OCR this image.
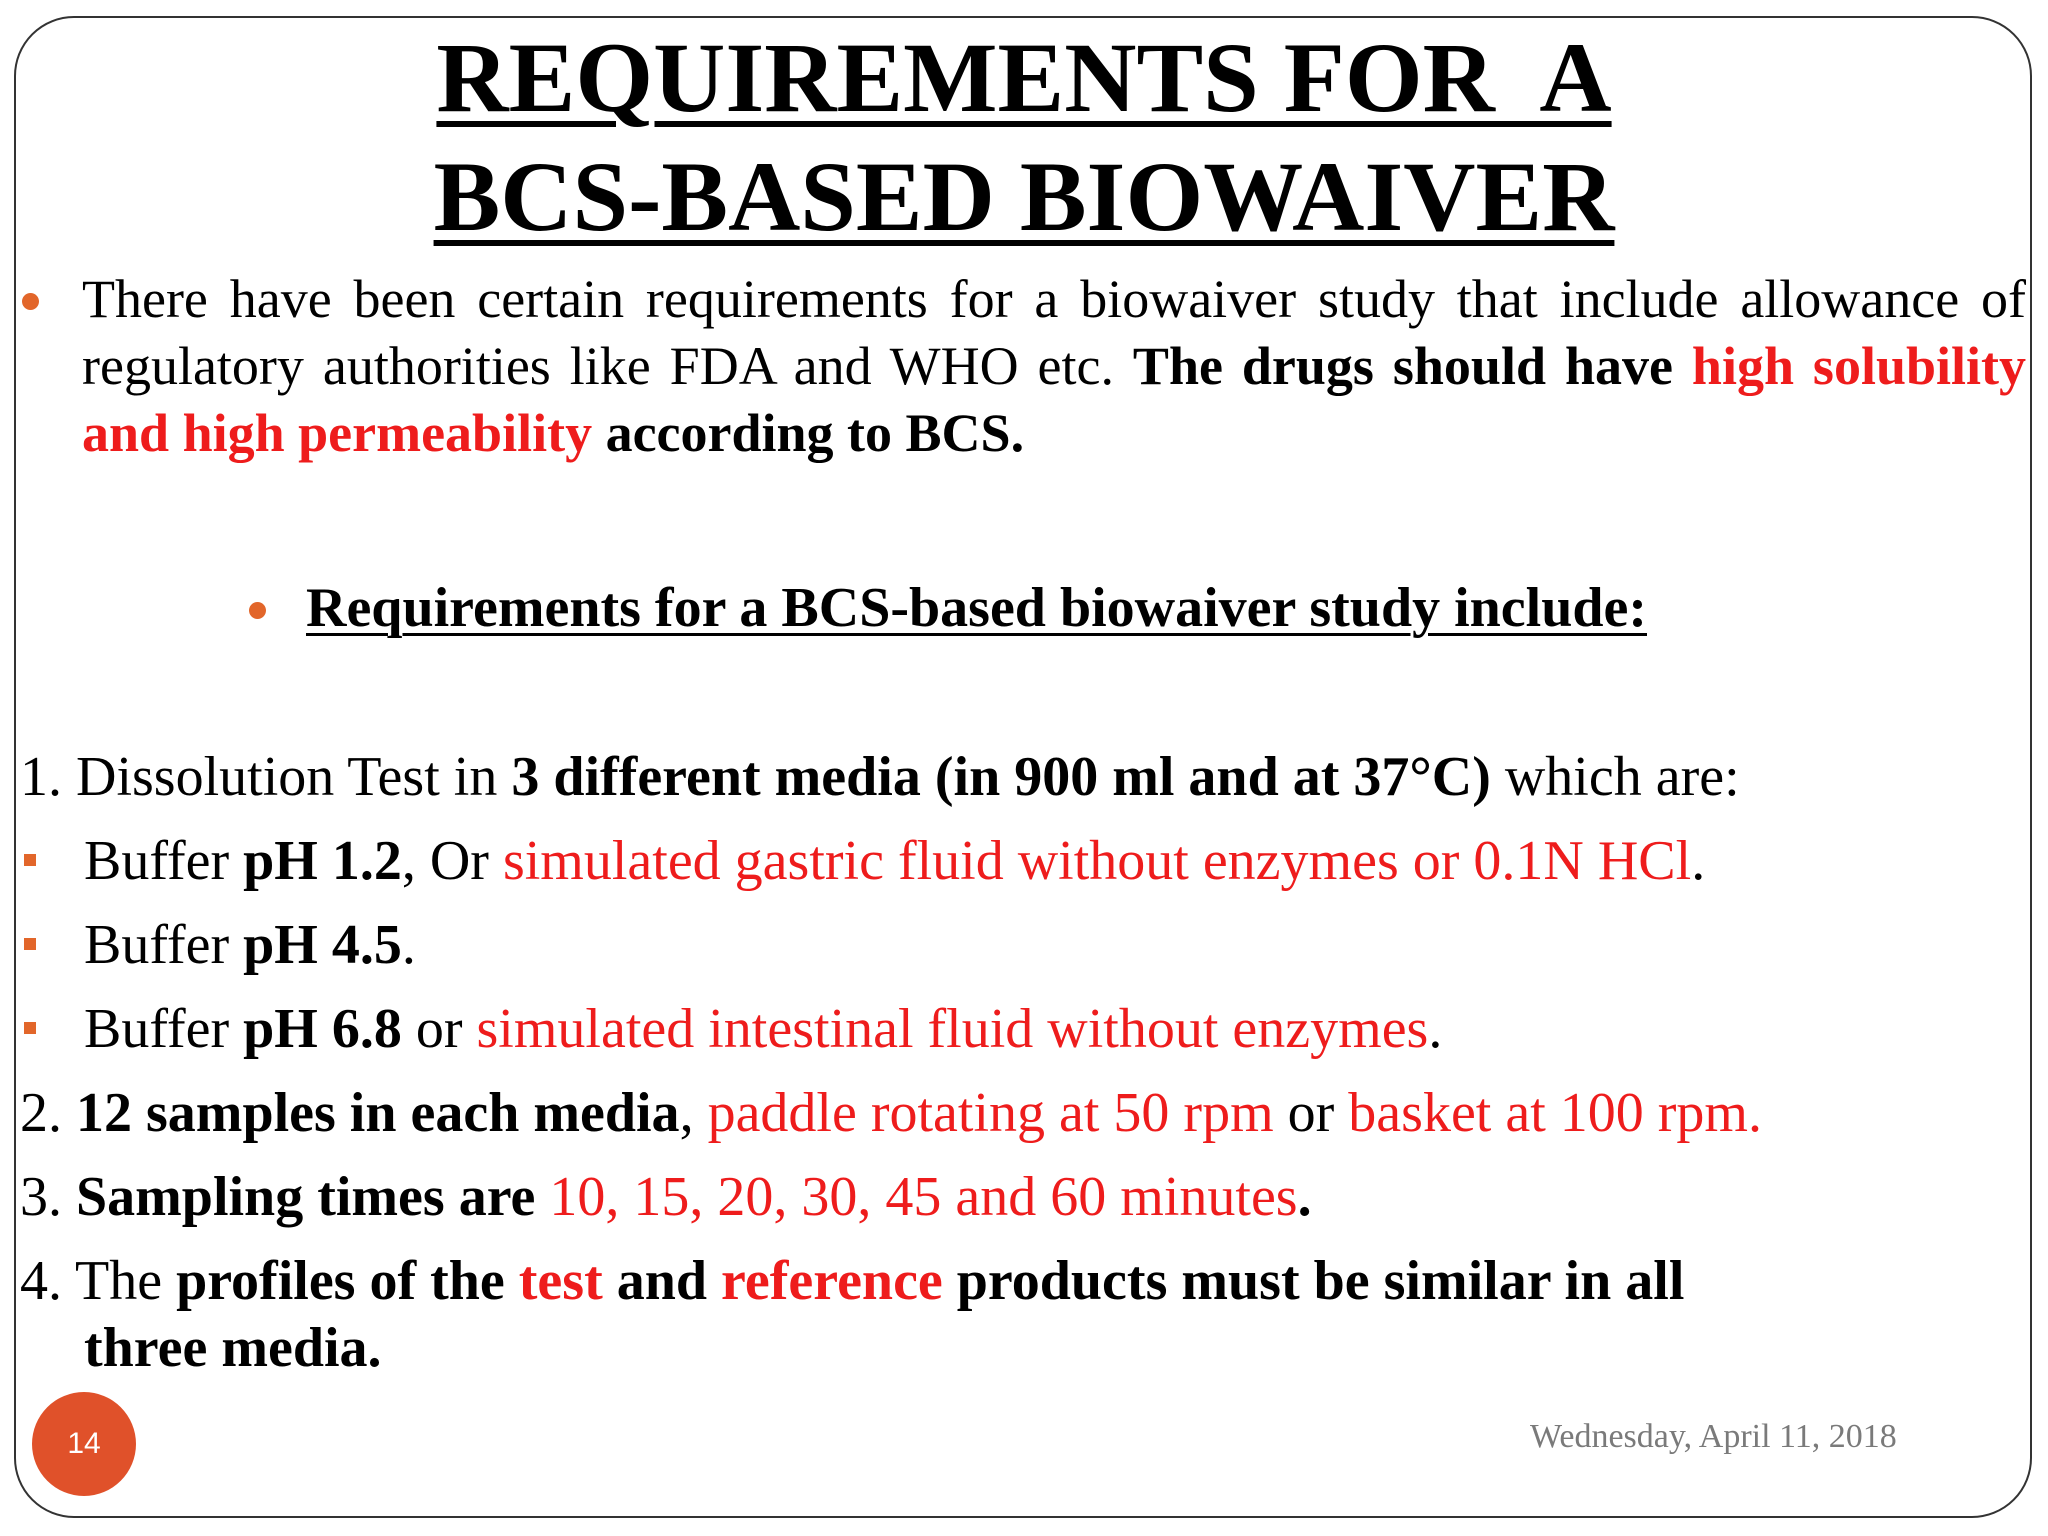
REQUIREMENTS FOR  A
BCS-BASED BIOWAIVER
There have been certain requirements for a biowaiver study that include allowance of regulatory authorities like FDA and WHO etc. The drugs should have high solubility and high permeability according to BCS.
Requirements for a BCS-based biowaiver study include:
1. Dissolution Test in 3 different media (in 900 ml and at 37°C) which are:
Buffer pH 1.2, Or simulated gastric fluid without enzymes or 0.1N HCl.
Buffer pH 4.5.
Buffer pH 6.8 or simulated intestinal fluid without enzymes.
2. 12 samples in each media, paddle rotating at 50 rpm or basket at 100 rpm.
3. Sampling times are 10, 15, 20, 30, 45 and 60 minutes.
4. The profiles of the test and reference products must be similar in all
three media.
14	Wednesday, April 11, 2018
